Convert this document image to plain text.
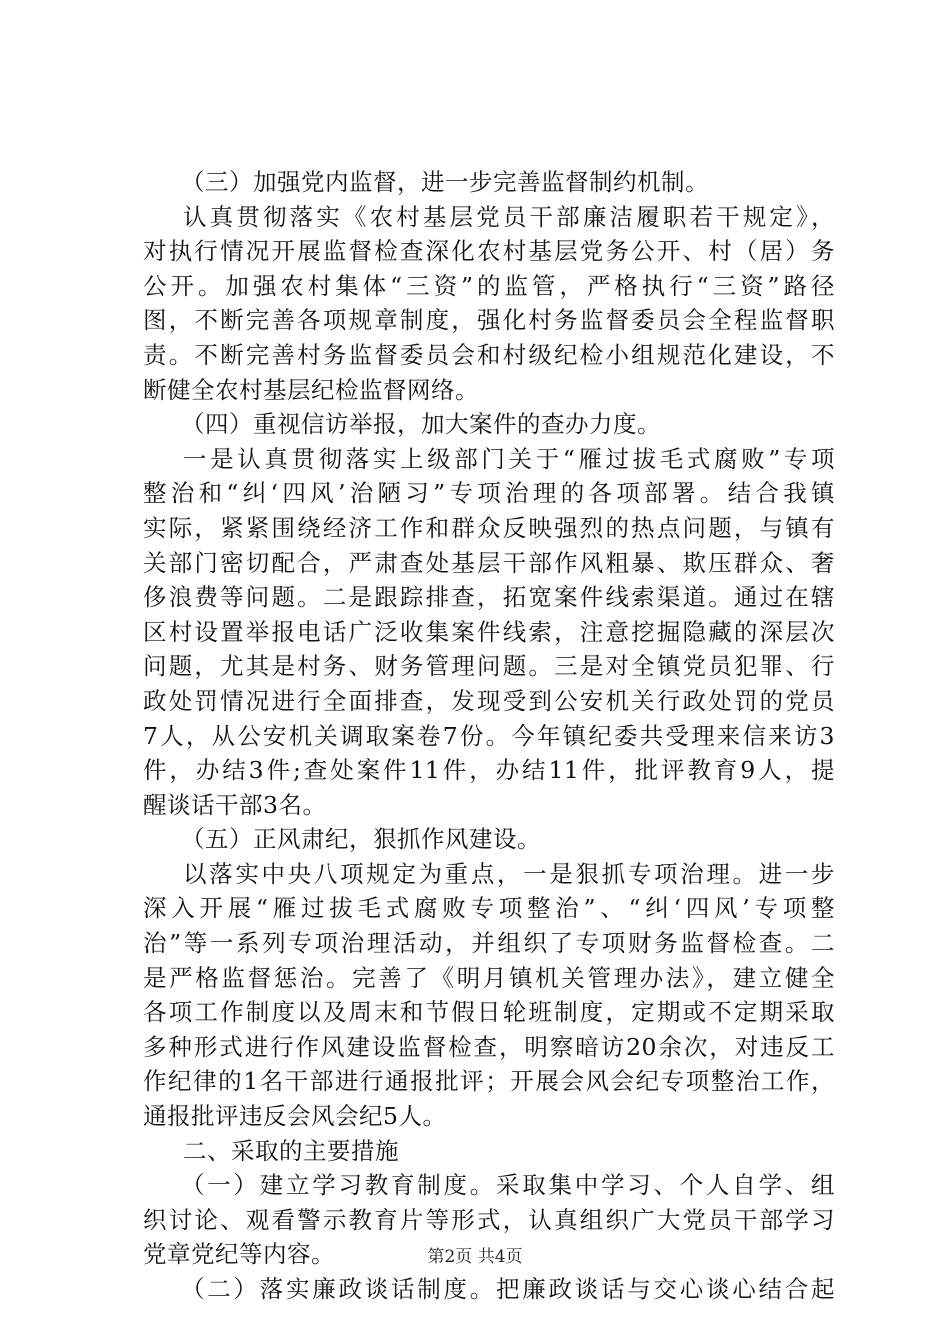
（三）加强党内监督，进一步完善监督制约机制。
认真贯彻落实《农村基层党员干部廉洁履职若干规定》，
对执行情况开展监督检查深化农村基层党务公开、村（居）务
公开。加强农村集体“三资”的监管，严格执行“三资”路径
图，不断完善各项规章制度，强化村务监督委员会全程监督职
责。不断完善村务监督委员会和村级纪检小组规范化建设，不
断健全农村基层纪检监督网络。
（四）重视信访举报，加大案件的查办力度。
一是认真贯彻落实上级部门关于“雁过拔毛式腐败”专项
整治和“纠‘四风’治陋习”专项治理的各项部署。结合我镇
实际，紧紧围绕经济工作和群众反映强烈的热点问题，与镇有
关部门密切配合，严肃查处基层干部作风粗暴、欺压群众、奢
侈浪费等问题。二是跟踪排查，拓宽案件线索渠道。通过在辖
区村设置举报电话广泛收集案件线索，注意挖掘隐藏的深层次
问题，尤其是村务、财务管理问题。三是对全镇党员犯罪、行
政处罚情况进行全面排查，发现受到公安机关行政处罚的党员
7人，从公安机关调取案卷7份。今年镇纪委共受理来信来访3
件，办结3件;查处案件11件，办结11件，批评教育9人，提
醒谈话干部3名。
（五）正风肃纪，狠抓作风建设。
以落实中央八项规定为重点，一是狠抓专项治理。进一步
深入开展“雁过拔毛式腐败专项整治”、“纠‘四风’专项整
治”等一系列专项治理活动，并组织了专项财务监督检查。二
是严格监督惩治。完善了《明月镇机关管理办法》，建立健全
各项工作制度以及周末和节假日轮班制度，定期或不定期采取
多种形式进行作风建设监督检查，明察暗访20余次，对违反工
作纪律的1名干部进行通报批评；开展会风会纪专项整治工作，
通报批评违反会风会纪5人。
二、采取的主要措施
（一）建立学习教育制度。采取集中学习、个人自学、组
织讨论、观看警示教育片等形式，认真组织广大党员干部学习
党章党纪等内容。
（二）落实廉政谈话制度。把廉政谈话与交心谈心结合起
第2页 共4页
